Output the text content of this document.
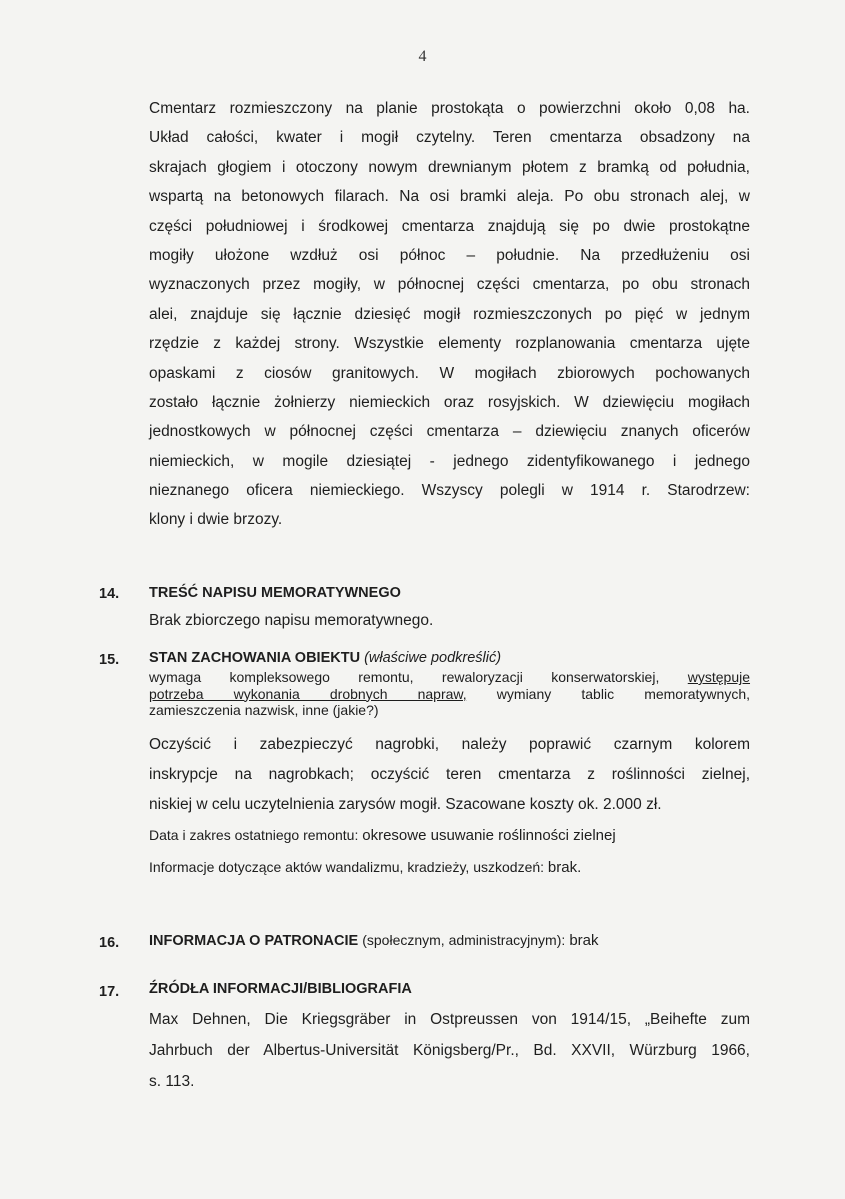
4
Cmentarz rozmieszczony na planie prostokąta o powierzchni około 0,08 ha.
Układ całości, kwater i mogił czytelny. Teren cmentarza obsadzony na
skrajach głogiem i otoczony nowym drewnianym płotem z bramką od południa,
wspartą na betonowych filarach. Na osi bramki aleja. Po obu stronach alej, w
części południowej i środkowej cmentarza znajdują się po dwie prostokątne
mogiły ułożone wzdłuż osi północ – południe. Na przedłużeniu osi
wyznaczonych przez mogiły, w północnej części cmentarza, po obu stronach
alei, znajduje się łącznie dziesięć mogił rozmieszczonych po pięć w jednym
rzędzie z każdej strony. Wszystkie elementy rozplanowania cmentarza ujęte
opaskami z ciosów granitowych. W mogiłach zbiorowych pochowanych
zostało łącznie żołnierzy niemieckich oraz rosyjskich. W dziewięciu mogiłach
jednostkowych w północnej części cmentarza – dziewięciu znanych oficerów
niemieckich, w mogile dziesiątej - jednego zidentyfikowanego i jednego
nieznanego oficera niemieckiego. Wszyscy polegli w 1914 r. Starodrzew:
klony i dwie brzozy.
14. TREŚĆ NAPISU MEMORATYWNEGO
Brak zbiorczego napisu memoratywnego.
15. STAN ZACHOWANIA OBIEKTU (właściwe podkreślić)
wymaga kompleksowego remontu, rewaloryzacji konserwatorskiej, występuje
potrzeba wykonania drobnych napraw, wymiany tablic memoratywnych,
zamieszczenia nazwisk, inne (jakie?)
Oczyścić i zabezpieczyć nagrobki, należy poprawić czarnym kolorem
inskrypcje na nagrobkach; oczyścić teren cmentarza z roślinności zielnej,
niskiej w celu uczytelnienia zarysów mogił. Szacowane koszty ok. 2.000 zł.
Data i zakres ostatniego remontu: okresowe usuwanie roślinności zielnej
Informacje dotyczące aktów wandalizmu, kradzieży, uszkodzeń: brak.
16. INFORMACJA O PATRONACIE (społecznym, administracyjnym): brak
17. ŹRÓDŁA INFORMACJI/BIBLIOGRAFIA
Max Dehnen, Die Kriegsgräber in Ostpreussen von 1914/15, „Beihefte zum
Jahrbuch der Albertus-Universität Königsberg/Pr., Bd. XXVII, Würzburg 1966,
s. 113.
